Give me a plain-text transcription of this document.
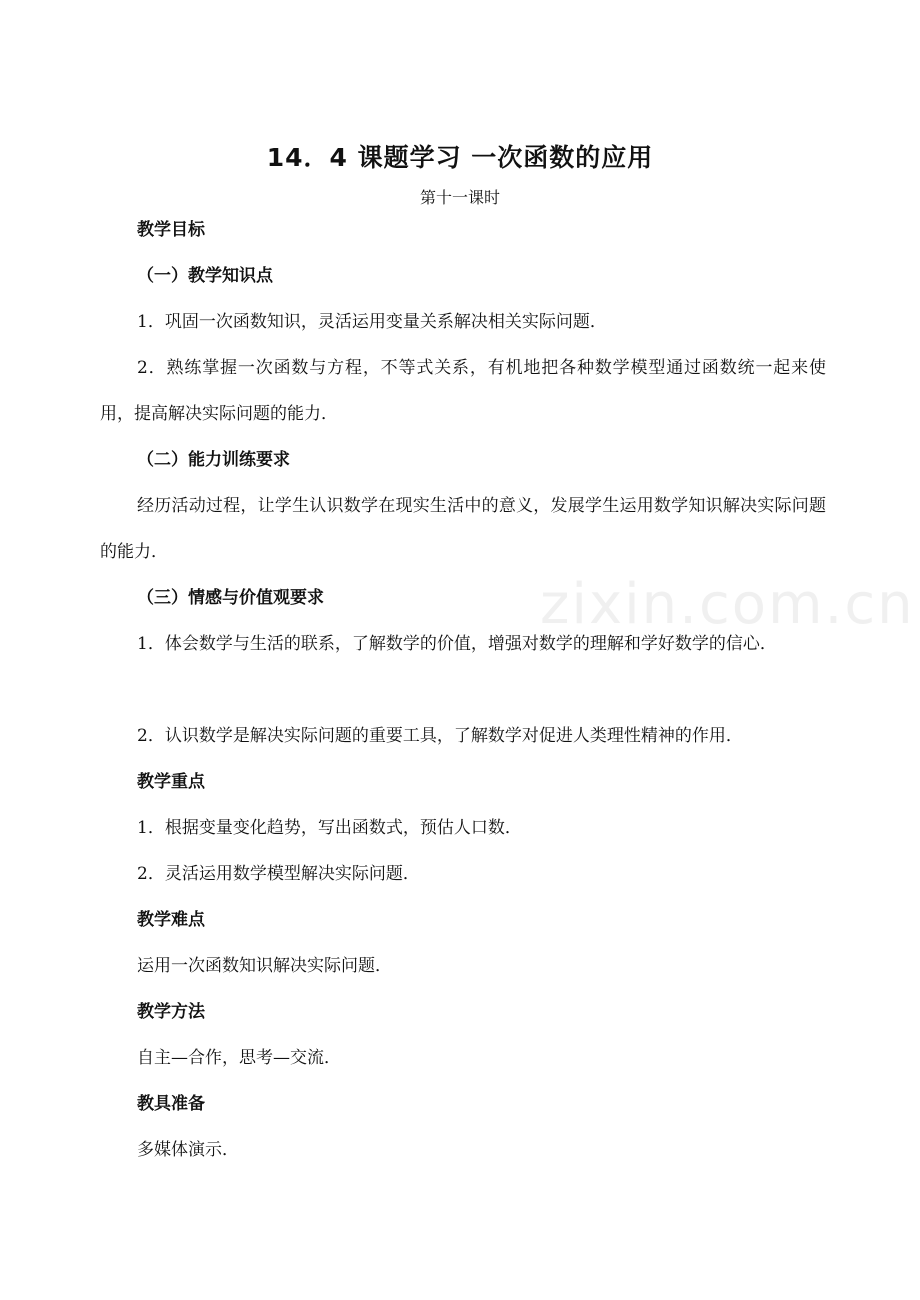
14．4 课题学习 一次函数的应用
第十一课时
教学目标
（一）教学知识点
1．巩固一次函数知识，灵活运用变量关系解决相关实际问题．
2．熟练掌握一次函数与方程，不等式关系，有机地把各种数学模型通过函数统一起来使用，提高解决实际问题的能力．
（二）能力训练要求
经历活动过程，让学生认识数学在现实生活中的意义，发展学生运用数学知识解决实际问题的能力．
（三）情感与价值观要求
1．体会数学与生活的联系，了解数学的价值，增强对数学的理解和学好数学的信心．
2．认识数学是解决实际问题的重要工具，了解数学对促进人类理性精神的作用．
教学重点
1．根据变量变化趋势，写出函数式，预估人口数．
2．灵活运用数学模型解决实际问题．
教学难点
运用一次函数知识解决实际问题．
教学方法
自主—合作，思考—交流．
教具准备
多媒体演示．
zixin.com.cn
